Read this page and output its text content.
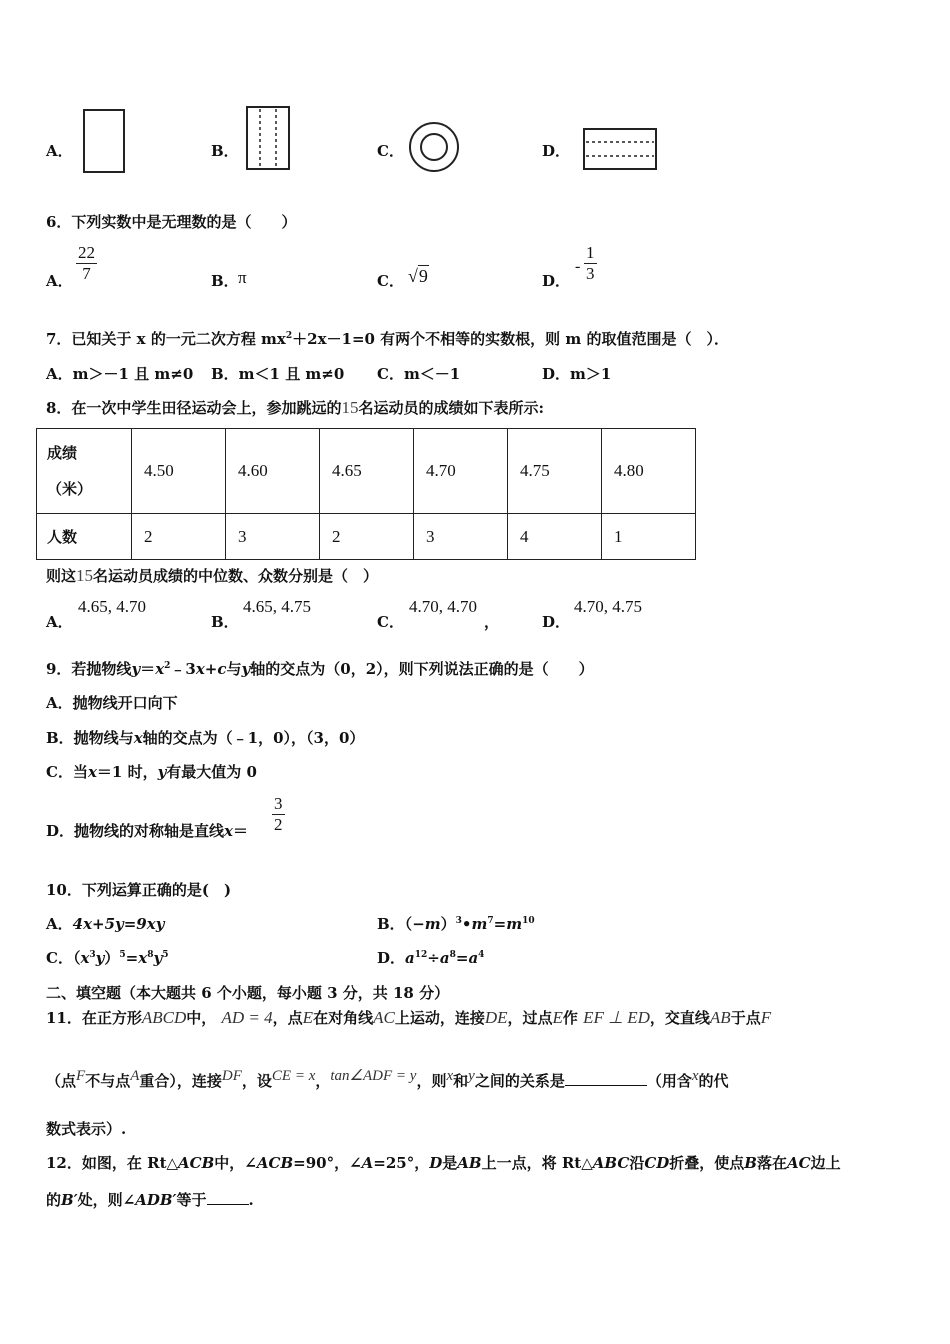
A．	B．	C．	D．
6．下列实数中是无理数的是（　　）
A． $\frac{22}{7}$	B． π	C． √9	D．
- $\frac{1}{3}$
7．已知关于 x 的一元二次方程 $mx^2+2x-1=0$ 有两个不相等的实数根，则 m 的取值范围是（　）．
A．m＞－1 且 m≠0 B．m＜1 且 m≠0 C．m＜－1	D．m＞1
8．在一次中学生田径运动会上，参加跳远的15名运动员的成绩如下表所示:
成绩
（米）	4.50	4.60	4.65	4.70	4.75	4.80
人数	2	3	2	3	4	1
则这15名运动员成绩的中位数、众数分别是（　）
A．
4.65, 4.70
B．
4.65, 4.75
C．
4.70, 4.70
，	D．
4.70, 4.75
9．若抛物线$y=x^2﹣3x+c$与y轴的交点为（0，2），则下列说法正确的是（　　）
A．抛物线开口向下
B．抛物线与x轴的交点为（﹣1，0），（3，0）
C．当x＝1 时，y有最大值为 0
D．抛物线的对称轴是直线$x= \frac{3}{2}$
10．下列运算正确的是(　)
A．4x+5y=9xy	B．$(-m)^3•m^7=m^{10}$
C．$(x^3y)^5=x^8y^5$	D．$a^{12}\div a^8=a^4$
二、填空题（本大题共 6 个小题，每小题 3 分，共 18 分）
11．在正方形ABCD中， AD = 4，点E在对角线AC上运动，连接DE，过点E作 EF ⊥ ED，交直线AB于点F
（点$^F$不与点$^A$重合），连接$^{DF}$，设$^{CE = x}$，$^{tan\angle ADF = y}$，则$^x$和$^y$之间的关系是	（用含$^x$的代
数式表示）.
12．如图，在 Rt△ACB中，∠ACB=90°，∠A=25°，D是AB上一点，将 Rt△ABC沿CD折叠，使点B落在AC边上
的B′处，则∠ADB′等于	.
